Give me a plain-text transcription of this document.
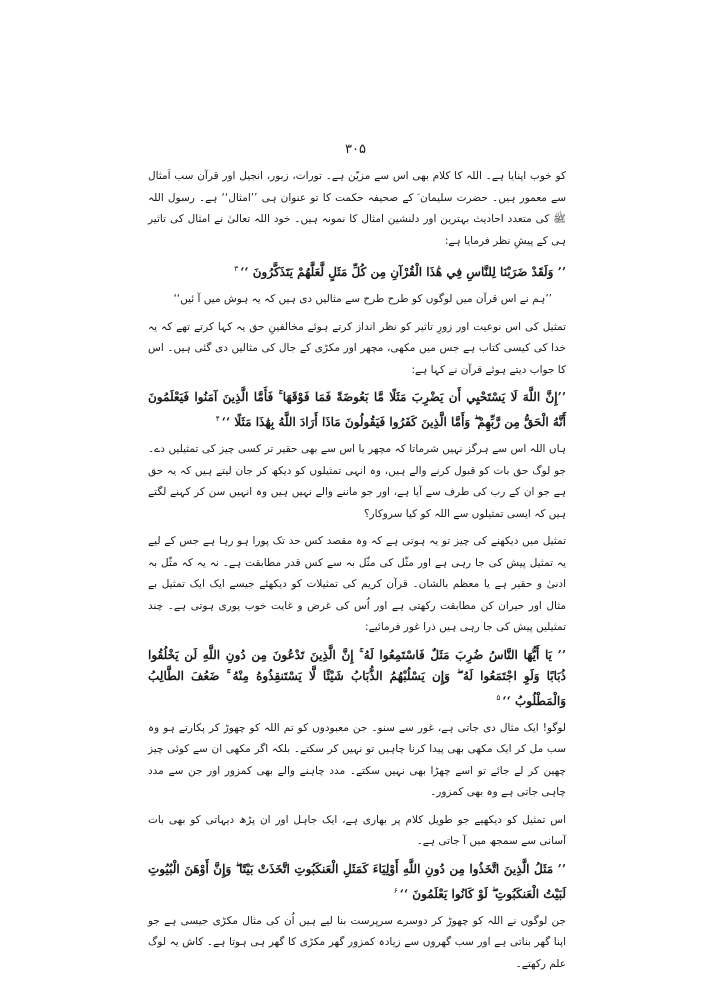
۳۰۵
کو خوب اپنایا ہے۔ اللہ کا کلام بھی اس سے مزیّن ہے۔ تورات، زبور، انجیل اور قرآن سب اَمثال سے معمور ہیں۔ حضرت سلیمان ؑ کے صحیفہ حکمت کا تو عنوان ہی ’’امثال‘‘ ہے۔ رسول اللہ ﷺ کی متعدد احادیث بہترین اور دلنشین امثال کا نمونہ ہیں۔ خود اللہ تعالیٰ نے امثال کی تاثیر ہی کے پیشِ نظر فرمایا ہے:
’’ وَلَقَدْ ضَرَبْنَا لِلنَّاسِ فِي هَٰذَا الْقُرْآنِ مِن كُلِّ مَثَلٍ لَّعَلَّهُمْ يَتَذَكَّرُونَ ‘‘$^۳$
’’ہم نے اس قرآن میں لوگوں کو طرح طرح سے مثالیں دی ہیں کہ یہ ہوش میں آ ئیں‘‘
تمثیل کی اس نوعیت اور زورِ تاثیر کو نظر انداز کرتے ہوئے مخالفینِ حق یہ کہا کرتے تھے کہ یہ خدا کی کیسی کتاب ہے جس میں مکھی، مچھر اور مکڑی کے جال کی مثالیں دی گئی ہیں۔ اس کا جواب دیتے ہوئے قرآن نے کہا ہے:
’’إِنَّ اللَّهَ لَا يَسْتَحْيِي أَن يَضْرِبَ مَثَلًا مَّا بَعُوضَةً فَمَا فَوْقَهَا ۚ فَأَمَّا الَّذِينَ آمَنُوا فَيَعْلَمُونَ أَنَّهُ الْحَقُّ مِن رَّبِّهِمْ ۖ وَأَمَّا الَّذِينَ كَفَرُوا فَيَقُولُونَ مَاذَا أَرَادَ اللَّهُ بِهَٰذَا مَثَلًا ‘‘$^۴$
ہاں اللہ اس سے ہرگز نہیں شرماتا کہ مچھر یا اس سے بھی حقیر تر کسی چیز کی تمثیلیں دے۔ جو لوگ حق بات کو قبول کرنے والے ہیں، وہ انہی تمثیلوں کو دیکھ کر جان لیتے ہیں کہ یہ حق ہے جو ان کے رب کی طرف سے آیا ہے، اور جو ماننے والے نہیں ہیں وہ انہیں سن کر کہنے لگتے ہیں کہ ایسی تمثیلوں سے اللہ کو کیا سروکار؟
تمثیل میں دیکھنے کی چیز تو یہ ہوتی ہے کہ وہ مقصد کس حد تک پورا ہو رہا ہے جس کے لیے یہ تمثیل پیش کی جا رہی ہے اور مثّل کی مثّل بہ سے کس قدر مطابقت ہے۔ نہ یہ کہ مثّل بہ ادنیٰ و حقیر ہے یا معظم بالشان۔ قرآن کریم کی تمثیلات کو دیکھئے جیسے ایک ایک تمثیل بے مثال اور حیران کن مطابقت رکھتی ہے اور اُس کی غرض و غایت خوب پوری ہوتی ہے۔ چند تمثیلیں پیش کی جا رہی ہیں ذرا غور فرمائیے:
’’ يَا أَيُّهَا النَّاسُ ضُرِبَ مَثَلٌ فَاسْتَمِعُوا لَهُ ۚ إِنَّ الَّذِينَ تَدْعُونَ مِن دُونِ اللَّهِ لَن يَخْلُقُوا ذُبَابًا وَلَوِ اجْتَمَعُوا لَهُ ۖ وَإِن يَسْلُبْهُمُ الذُّبَابُ شَيْئًا لَّا يَسْتَنقِذُوهُ مِنْهُ ۚ ضَعُفَ الطَّالِبُ وَالْمَطْلُوبُ ‘‘$^۵$
لوگو! ایک مثال دی جاتی ہے، غور سے سنو۔ جن معبودوں کو تم اللہ کو چھوڑ کر پکارتے ہو وہ سب مل کر ایک مکھی بھی پیدا کرنا چاہیں تو نہیں کر سکتے۔ بلکہ اگر مکھی ان سے کوئی چیز چھین کر لے جائے تو اسے چھڑا بھی نہیں سکتے۔ مدد چاہنے والے بھی کمزور اور جن سے مدد چاہی جاتی ہے وہ بھی کمزور۔
اس تمثیل کو دیکھیے جو طویل کلام پر بھاری ہے، ایک جاہل اور ان پڑھ دیہاتی کو بھی بات آسانی سے سمجھ میں آ جاتی ہے۔
’’ مَثَلُ الَّذِينَ اتَّخَذُوا مِن دُونِ اللَّهِ أَوْلِيَاءَ كَمَثَلِ الْعَنكَبُوتِ اتَّخَذَتْ بَيْتًا ۖ وَإِنَّ أَوْهَنَ الْبُيُوتِ لَبَيْتُ الْعَنكَبُوتِ ۖ لَوْ كَانُوا يَعْلَمُونَ ‘‘$^۶$
جن لوگوں نے اللہ کو چھوڑ کر دوسرے سرپرست بنا لیے ہیں اُن کی مثال مکڑی جیسی ہے جو اپنا گھر بناتی ہے اور سب گھروں سے زیادہ کمزور گھر مکڑی کا گھر ہی ہوتا ہے۔ کاش یہ لوگ علم رکھتے۔
